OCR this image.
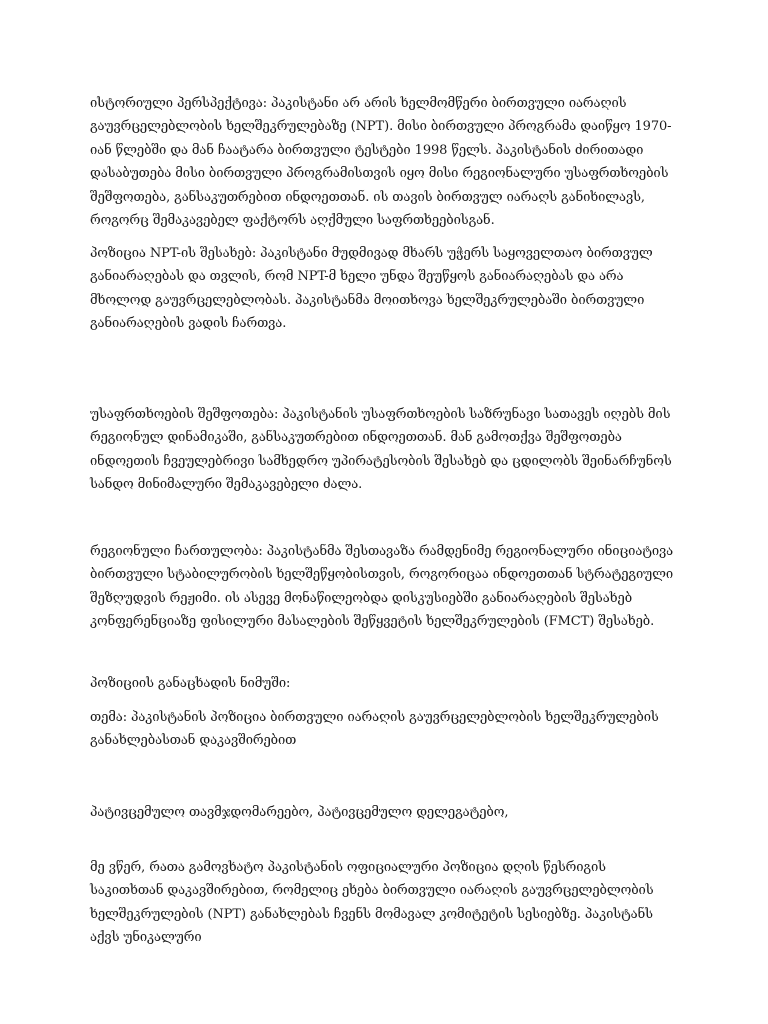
ისტორიული პერსპექტივა: პაკისტანი არ არის ხელმომწერი ბირთვული იარაღის გაუვრცელებლობის ხელშეკრულებაზე (NPT). მისი ბირთვული პროგრამა დაიწყო 1970-იან წლებში და მან ჩაატარა ბირთვული ტესტები 1998 წელს. პაკისტანის ძირითადი დასაბუთება მისი ბირთვული პროგრამისთვის იყო მისი რეგიონალური უსაფრთხოების შეშფოთება, განსაკუთრებით ინდოეთთან. ის თავის ბირთვულ იარაღს განიხილავს, როგორც შემაკავებელ ფაქტორს აღქმული საფრთხეებისგან.

პოზიცია NPT-ის შესახებ: პაკისტანი მუდმივად მხარს უჭერს საყოველთაო ბირთვულ განიარაღებას და თვლის, რომ NPT-მ ხელი უნდა შეუწყოს განიარაღებას და არა მხოლოდ გაუვრცელებლობას. პაკისტანმა მოითხოვა ხელშეკრულებაში ბირთვული განიარაღების ვადის ჩართვა.

უსაფრთხოების შეშფოთება: პაკისტანის უსაფრთხოების საზრუნავი სათავეს იღებს მის რეგიონულ დინამიკაში, განსაკუთრებით ინდოეთთან. მან გამოთქვა შეშფოთება ინდოეთის ჩვეულებრივი სამხედრო უპირატესობის შესახებ და ცდილობს შეინარჩუნოს სანდო მინიმალური შემაკავებელი ძალა.

რეგიონული ჩართულობა: პაკისტანმა შესთავაზა რამდენიმე რეგიონალური ინიციატივა ბირთვული სტაბილურობის ხელშეწყობისთვის, როგორიცაა ინდოეთთან სტრატეგიული შეზღუდვის რეჟიმი. ის ასევე მონაწილეობდა დისკუსიებში განიარაღების შესახებ კონფერენციაზე ფისილური მასალების შეწყვეტის ხელშეკრულების (FMCT) შესახებ.

პოზიციის განაცხადის ნიმუში:

თემა: პაკისტანის პოზიცია ბირთვული იარაღის გაუვრცელებლობის ხელშეკრულების განახლებასთან დაკავშირებით

პატივცემულო თავმჯდომარეებო, პატივცემულო დელეგატებო,

მე ვწერ, რათა გამოვხატო პაკისტანის ოფიციალური პოზიცია დღის წესრიგის საკითხთან დაკავშირებით, რომელიც ეხება ბირთვული იარაღის გაუვრცელებლობის ხელშეკრულების (NPT) განახლებას ჩვენს მომავალ კომიტეტის სესიებზე. პაკისტანს აქვს უნიკალური
